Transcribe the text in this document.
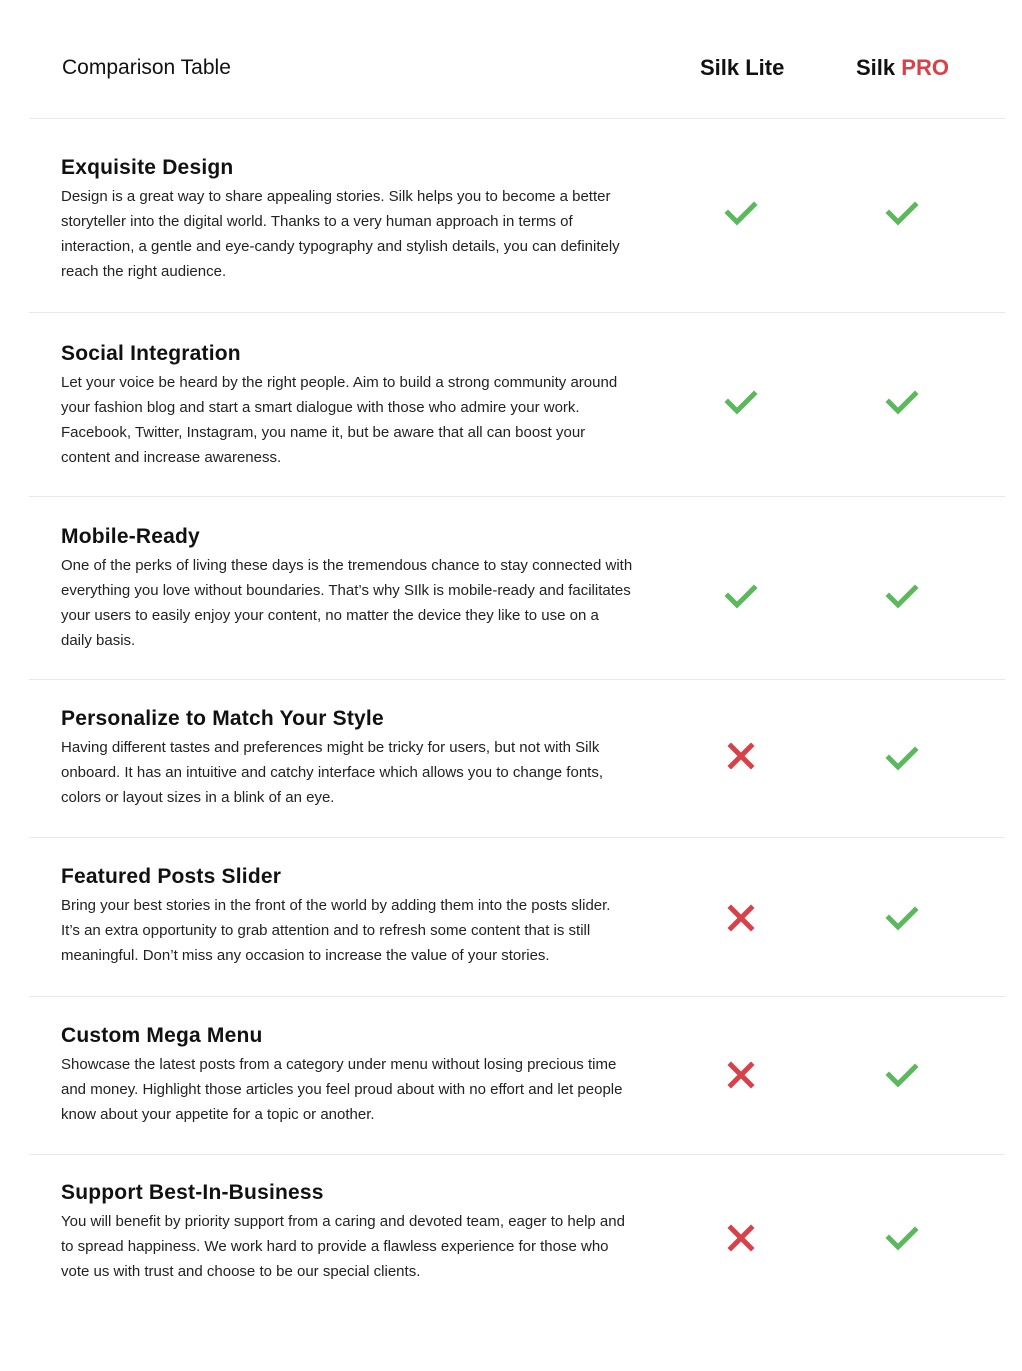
Comparison Table	Silk Lite	Silk PRO
Exquisite Design

Design is a great way to share appealing stories. Silk helps you to become a better storyteller into the digital world. Thanks to a very human approach in terms of interaction, a gentle and eye-candy typography and stylish details, you can definitely reach the right audience.

Social Integration

Let your voice be heard by the right people. Aim to build a strong community around your fashion blog and start a smart dialogue with those who admire your work. Facebook, Twitter, Instagram, you name it, but be aware that all can boost your content and increase awareness.

Mobile-Ready

One of the perks of living these days is the tremendous chance to stay connected with everything you love without boundaries. That’s why SIlk is mobile-ready and facilitates your users to easily enjoy your content, no matter the device they like to use on a daily basis.

Personalize to Match Your Style

Having different tastes and preferences might be tricky for users, but not with Silk onboard. It has an intuitive and catchy interface which allows you to change fonts, colors or layout sizes in a blink of an eye.

Featured Posts Slider

Bring your best stories in the front of the world by adding them into the posts slider. It’s an extra opportunity to grab attention and to refresh some content that is still meaningful. Don’t miss any occasion to increase the value of your stories.

Custom Mega Menu

Showcase the latest posts from a category under menu without losing precious time and money. Highlight those articles you feel proud about with no effort and let people know about your appetite for a topic or another.

Support Best-In-Business

You will benefit by priority support from a caring and devoted team, eager to help and to spread happiness. We work hard to provide a flawless experience for those who vote us with trust and choose to be our special clients.
